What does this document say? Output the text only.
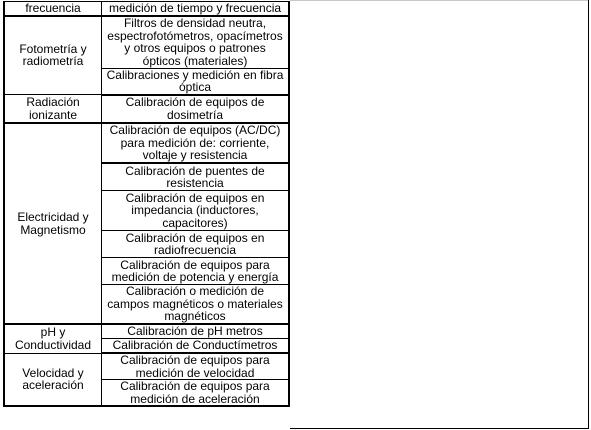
frecuencia	medición de tiempo y frecuencia
Fotometría y radiometría	Filtros de densidad neutra, espectrofotómetros, opacímetros y otros equipos o patrones ópticos (materiales)
	Calibraciones y medición en fibra óptica
Radiación ionizante	Calibración de equipos de dosimetría
Electricidad y Magnetismo	Calibración de equipos (AC/DC) para medición de: corriente, voltaje y resistencia
	Calibración de puentes de resistencia
	Calibración de equipos en impedancia (inductores, capacitores)
	Calibración de equipos en radiofrecuencia
	Calibración de equipos para medición de potencia y energía
	Calibración o medición de campos magnéticos o materiales magnéticos
pH y Conductividad	Calibración de pH metros
	Calibración de Conductímetros
Velocidad y aceleración	Calibración de equipos para medición de velocidad
	Calibración de equipos para medición de aceleración
